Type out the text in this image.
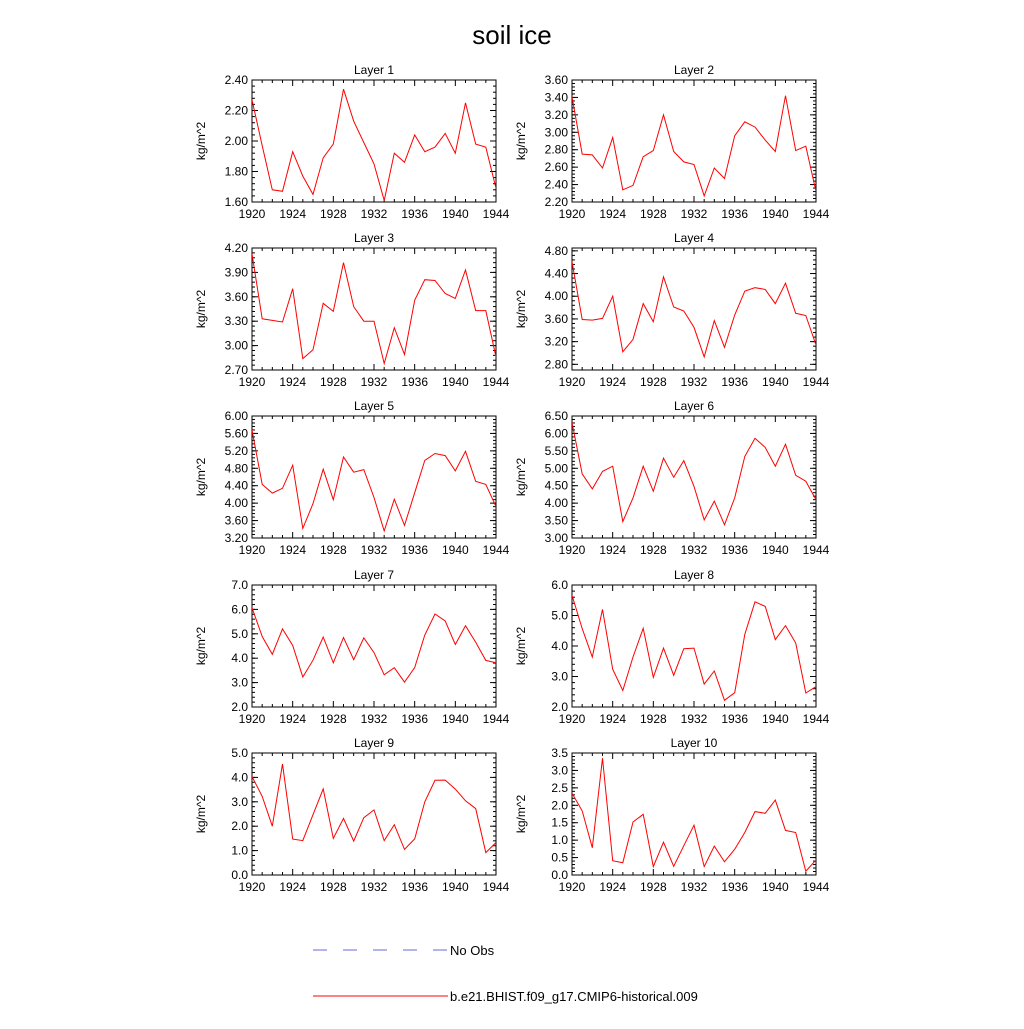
soil ice
Layer 1
kg/m^2
1920 1924 1928 1932 1936 1940 1944
1.60
1.80
2.00
2.20
2.40
Layer 2
kg/m^2
1920 1924 1928 1932 1936 1940 1944
2.20
2.40
2.60
2.80
3.00
3.20
3.40
3.60
Layer 3
kg/m^2
1920 1924 1928 1932 1936 1940 1944
2.70
3.00
3.30
3.60
3.90
4.20
Layer 4
kg/m^2
1920 1924 1928 1932 1936 1940 1944
2.80
3.20
3.60
4.00
4.40
4.80
Layer 5
kg/m^2
1920 1924 1928 1932 1936 1940 1944
3.20
3.60
4.00
4.40
4.80
5.20
5.60
6.00
Layer 6
kg/m^2
1920 1924 1928 1932 1936 1940 1944
3.00
3.50
4.00
4.50
5.00
5.50
6.00
6.50
Layer 7
kg/m^2
1920 1924 1928 1932 1936 1940 1944
2.0
3.0
4.0
5.0
6.0
7.0
Layer 8
kg/m^2
1920 1924 1928 1932 1936 1940 1944
2.0
3.0
4.0
5.0
6.0
Layer 9
kg/m^2
1920 1924 1928 1932 1936 1940 1944
0.0
1.0
2.0
3.0
4.0
5.0
Layer 10
kg/m^2
1920 1924 1928 1932 1936 1940 1944
0.0
0.5
1.0
1.5
2.0
2.5
3.0
3.5
No Obs
b.e21.BHIST.f09_g17.CMIP6-historical.009
